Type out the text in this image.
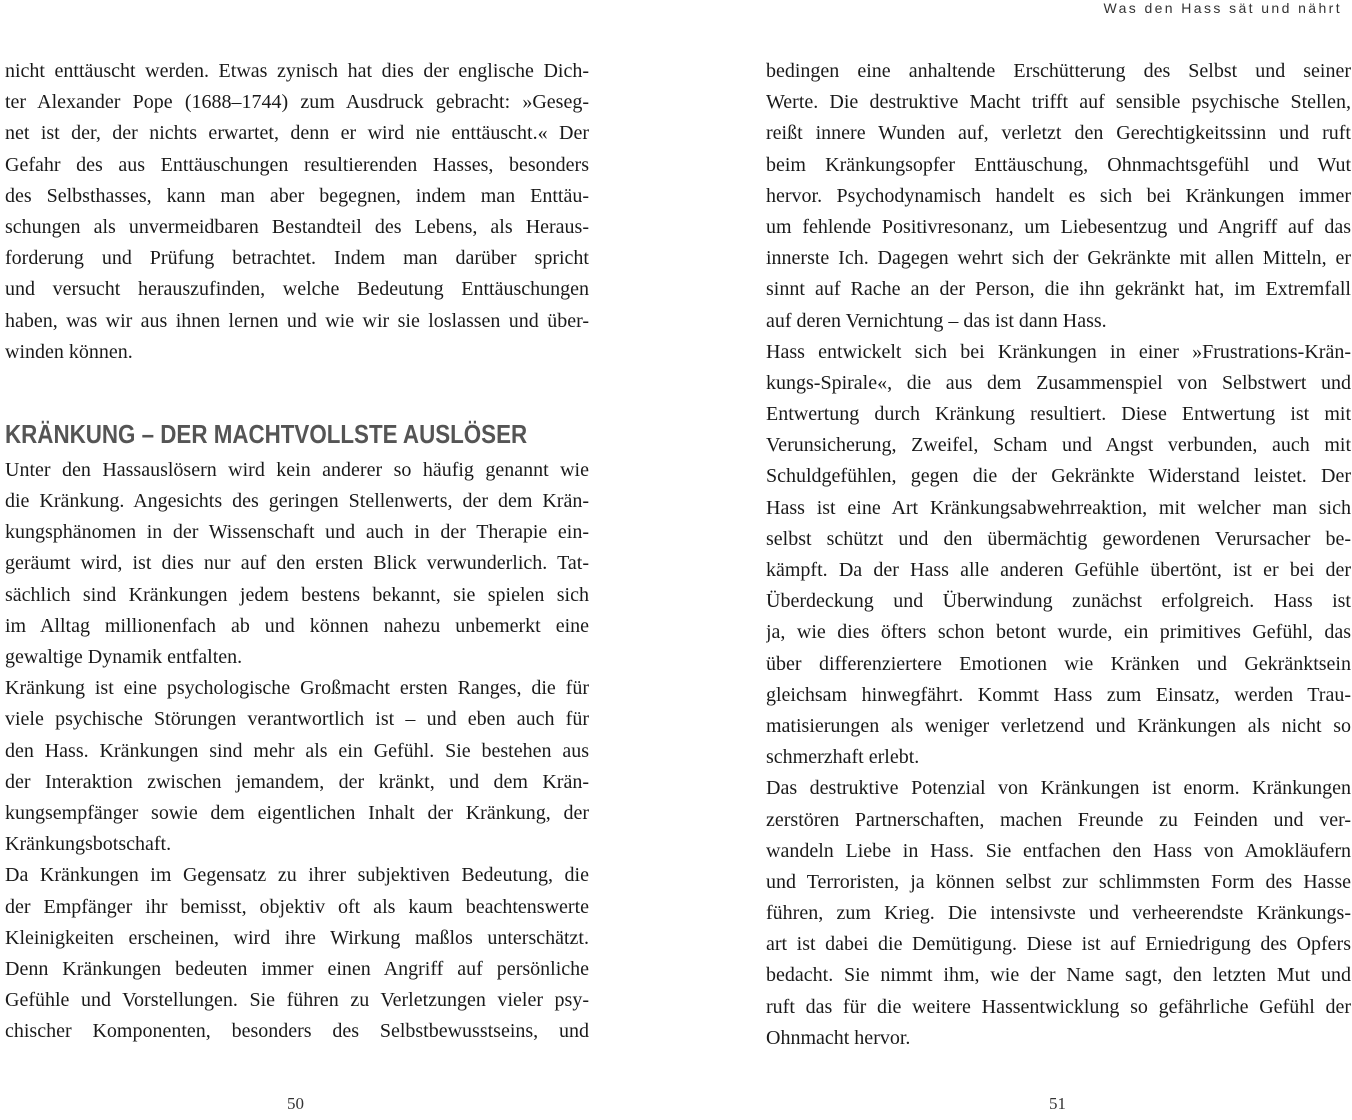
Was den Hass sät und nährt
nicht enttäuscht werden. Etwas zynisch hat dies der englische Dich-
ter Alexander Pope (1688–1744) zum Ausdruck gebracht: »Geseg-
net ist der, der nichts erwartet, denn er wird nie enttäuscht.« Der
Gefahr des aus Enttäuschungen resultierenden Hasses, besonders
des Selbsthasses, kann man aber begegnen, indem man Enttäu-
schungen als unvermeidbaren Bestandteil des Lebens, als Heraus-
forderung und Prüfung betrachtet. Indem man darüber spricht
und versucht herauszufinden, welche Bedeutung Enttäuschungen
haben, was wir aus ihnen lernen und wie wir sie loslassen und über-
winden können.
KRÄNKUNG – DER MACHTVOLLSTE AUSLÖSER
Unter den Hassauslösern wird kein anderer so häufig genannt wie
die Kränkung. Angesichts des geringen Stellenwerts, der dem Krän-
kungsphänomen in der Wissenschaft und auch in der Therapie ein-
geräumt wird, ist dies nur auf den ersten Blick verwunderlich. Tat-
sächlich sind Kränkungen jedem bestens bekannt, sie spielen sich
im Alltag millionenfach ab und können nahezu unbemerkt eine
gewaltige Dynamik entfalten.
Kränkung ist eine psychologische Großmacht ersten Ranges, die für
viele psychische Störungen verantwortlich ist – und eben auch für
den Hass. Kränkungen sind mehr als ein Gefühl. Sie bestehen aus
der Interaktion zwischen jemandem, der kränkt, und dem Krän-
kungsempfänger sowie dem eigentlichen Inhalt der Kränkung, der
Kränkungsbotschaft.
Da Kränkungen im Gegensatz zu ihrer subjektiven Bedeutung, die
der Empfänger ihr bemisst, objektiv oft als kaum beachtenswerte
Kleinigkeiten erscheinen, wird ihre Wirkung maßlos unterschätzt.
Denn Kränkungen bedeuten immer einen Angriff auf persönliche
Gefühle und Vorstellungen. Sie führen zu Verletzungen vieler psy-
chischer Komponenten, besonders des Selbstbewusstseins, und
bedingen eine anhaltende Erschütterung des Selbst und seiner
Werte. Die destruktive Macht trifft auf sensible psychische Stellen,
reißt innere Wunden auf, verletzt den Gerechtigkeitssinn und ruft
beim Kränkungsopfer Enttäuschung, Ohnmachtsgefühl und Wut
hervor. Psychodynamisch handelt es sich bei Kränkungen immer
um fehlende Positivresonanz, um Liebesentzug und Angriff auf das
innerste Ich. Dagegen wehrt sich der Gekränkte mit allen Mitteln, er
sinnt auf Rache an der Person, die ihn gekränkt hat, im Extremfall
auf deren Vernichtung – das ist dann Hass.
Hass entwickelt sich bei Kränkungen in einer »Frustrations-Krän-
kungs-Spirale«, die aus dem Zusammenspiel von Selbstwert und
Entwertung durch Kränkung resultiert. Diese Entwertung ist mit
Verunsicherung, Zweifel, Scham und Angst verbunden, auch mit
Schuldgefühlen, gegen die der Gekränkte Widerstand leistet. Der
Hass ist eine Art Kränkungsabwehrreaktion, mit welcher man sich
selbst schützt und den übermächtig gewordenen Verursacher be-
kämpft. Da der Hass alle anderen Gefühle übertönt, ist er bei der
Überdeckung und Überwindung zunächst erfolgreich. Hass ist
ja, wie dies öfters schon betont wurde, ein primitives Gefühl, das
über differenziertere Emotionen wie Kränken und Gekränktsein
gleichsam hinwegfährt. Kommt Hass zum Einsatz, werden Trau-
matisierungen als weniger verletzend und Kränkungen als nicht so
schmerzhaft erlebt.
Das destruktive Potenzial von Kränkungen ist enorm. Kränkungen
zerstören Partnerschaften, machen Freunde zu Feinden und ver-
wandeln Liebe in Hass. Sie entfachen den Hass von Amokläufern
und Terroristen, ja können selbst zur schlimmsten Form des Hasse
führen, zum Krieg. Die intensivste und verheerendste Kränkungs-
art ist dabei die Demütigung. Diese ist auf Erniedrigung des Opfers
bedacht. Sie nimmt ihm, wie der Name sagt, den letzten Mut und
ruft das für die weitere Hassentwicklung so gefährliche Gefühl der
Ohnmacht hervor.
50	51
